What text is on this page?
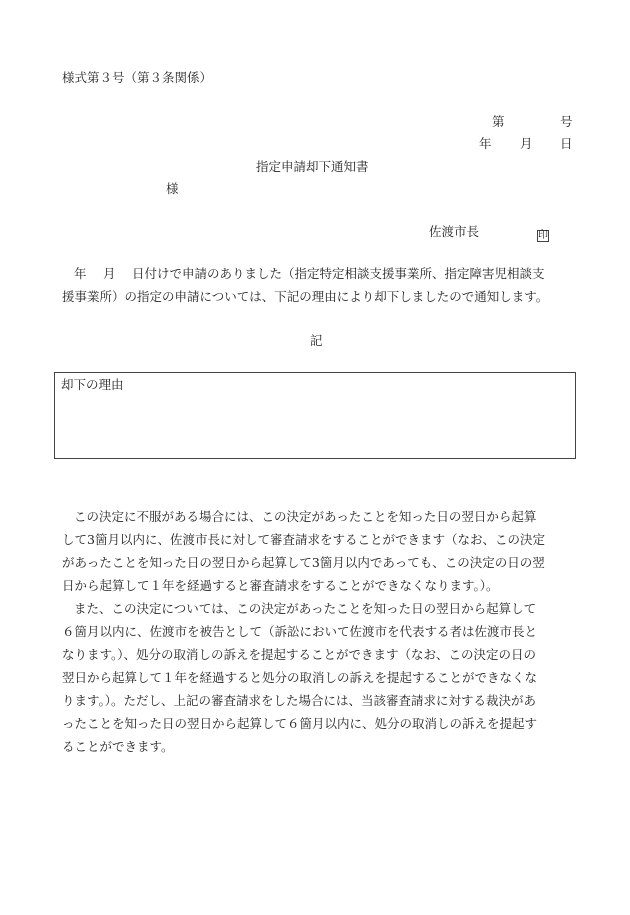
様式第３号（第３条関係）
第	号
年 月 日
指定申請却下通知書
様
佐渡市長	印
年　 月　 日付けで申請のありました（指定特定相談支援事業所、指定障害児相談支
援事業所）の指定の申請については、下記の理由により却下しましたので通知します。
記
却下の理由
この決定に不服がある場合には、この決定があったことを知った日の翌日から起算
して3箇月以内に、佐渡市長に対して審査請求をすることができます（なお、この決定
があったことを知った日の翌日から起算して3箇月以内であっても、この決定の日の翌
日から起算して１年を経過すると審査請求をすることができなくなります。）。
また、この決定については、この決定があったことを知った日の翌日から起算して
６箇月以内に、佐渡市を被告として（訴訟において佐渡市を代表する者は佐渡市長と
なります。）、処分の取消しの訴えを提起することができます（なお、この決定の日の
翌日から起算して１年を経過すると処分の取消しの訴えを提起することができなくな
ります。）。ただし、上記の審査請求をした場合には、当該審査請求に対する裁決があ
ったことを知った日の翌日から起算して６箇月以内に、処分の取消しの訴えを提起す
ることができます。
